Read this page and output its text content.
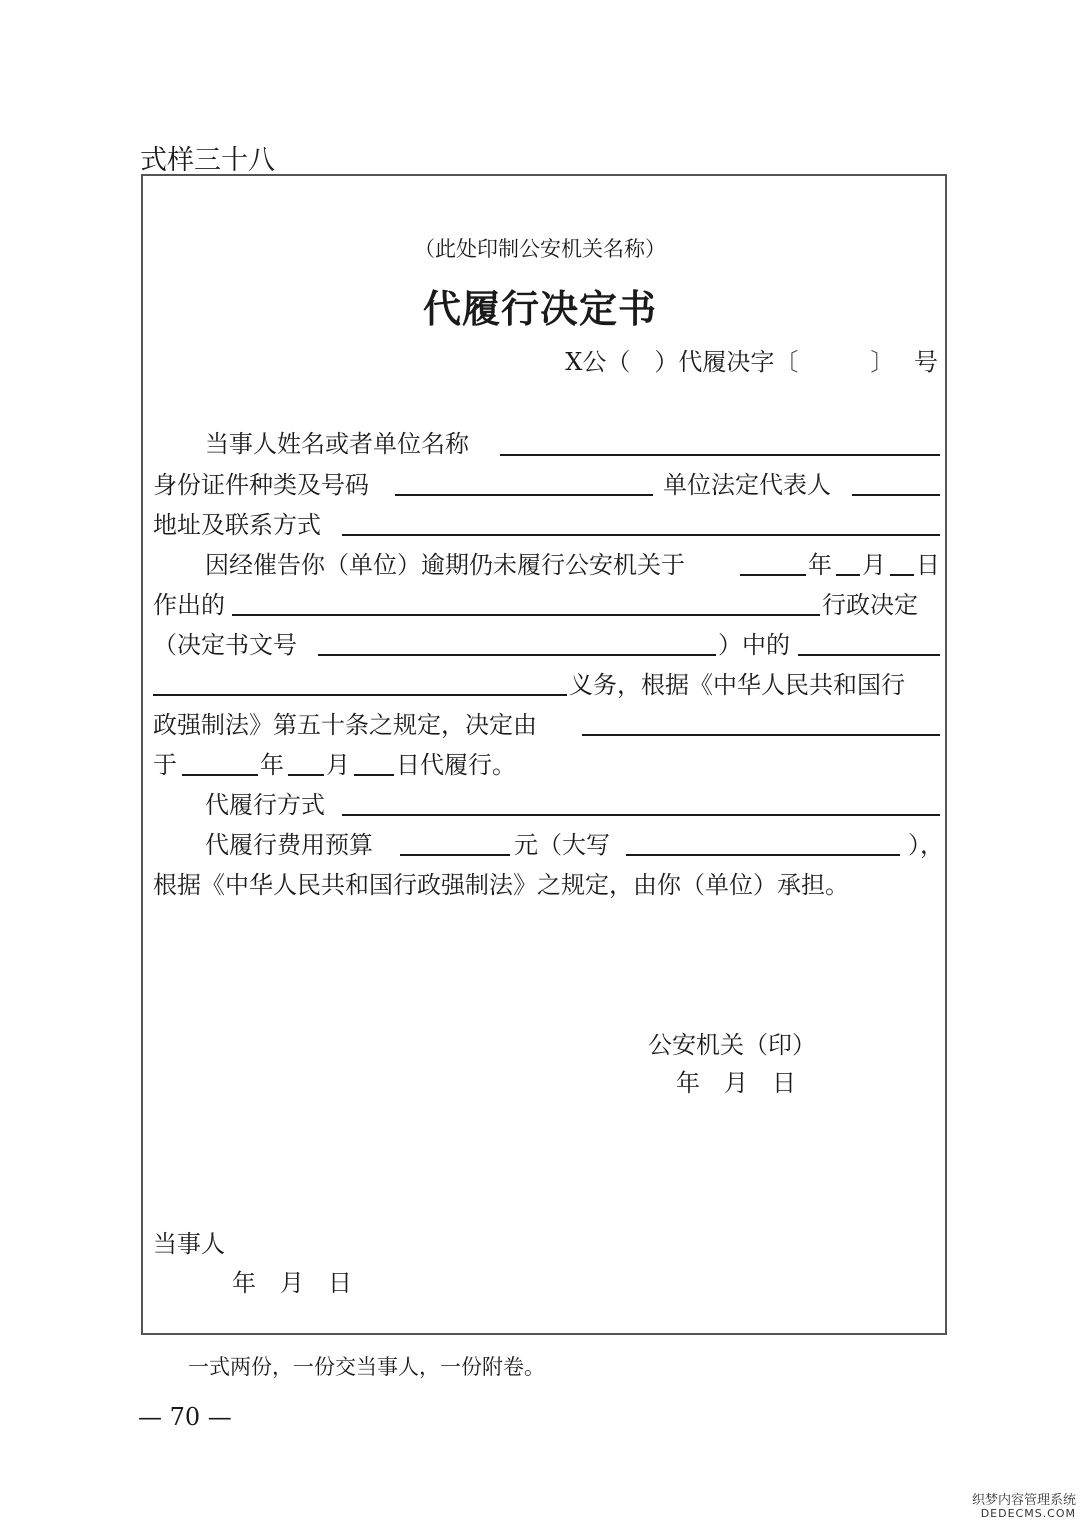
式样三十八
（此处印制公安机关名称）
代履行决定书
X公（　）代履决字〔　　　〕　 号
当事人姓名或者单位名称
身份证件种类及号码	单位法定代表人
地址及联系方式
因经催告你（单位）逾期仍未履行公安机关于	年 月 日
作出的	行政决定
（决定书文号	）中的
义务，根据《中华人民共和国行
政强制法》第五十条之规定，决定由
于	年 月 日代履行。
代履行方式
代履行费用预算	元（大写	），
根据《中华人民共和国行政强制法》之规定，由你（单位）承担。
公安机关（印）
年　月　日
当事人
年　月　日
一式两份，一份交当事人，一份附卷。
— 70 —
织梦内容管理系统
DEDECMS.COM
